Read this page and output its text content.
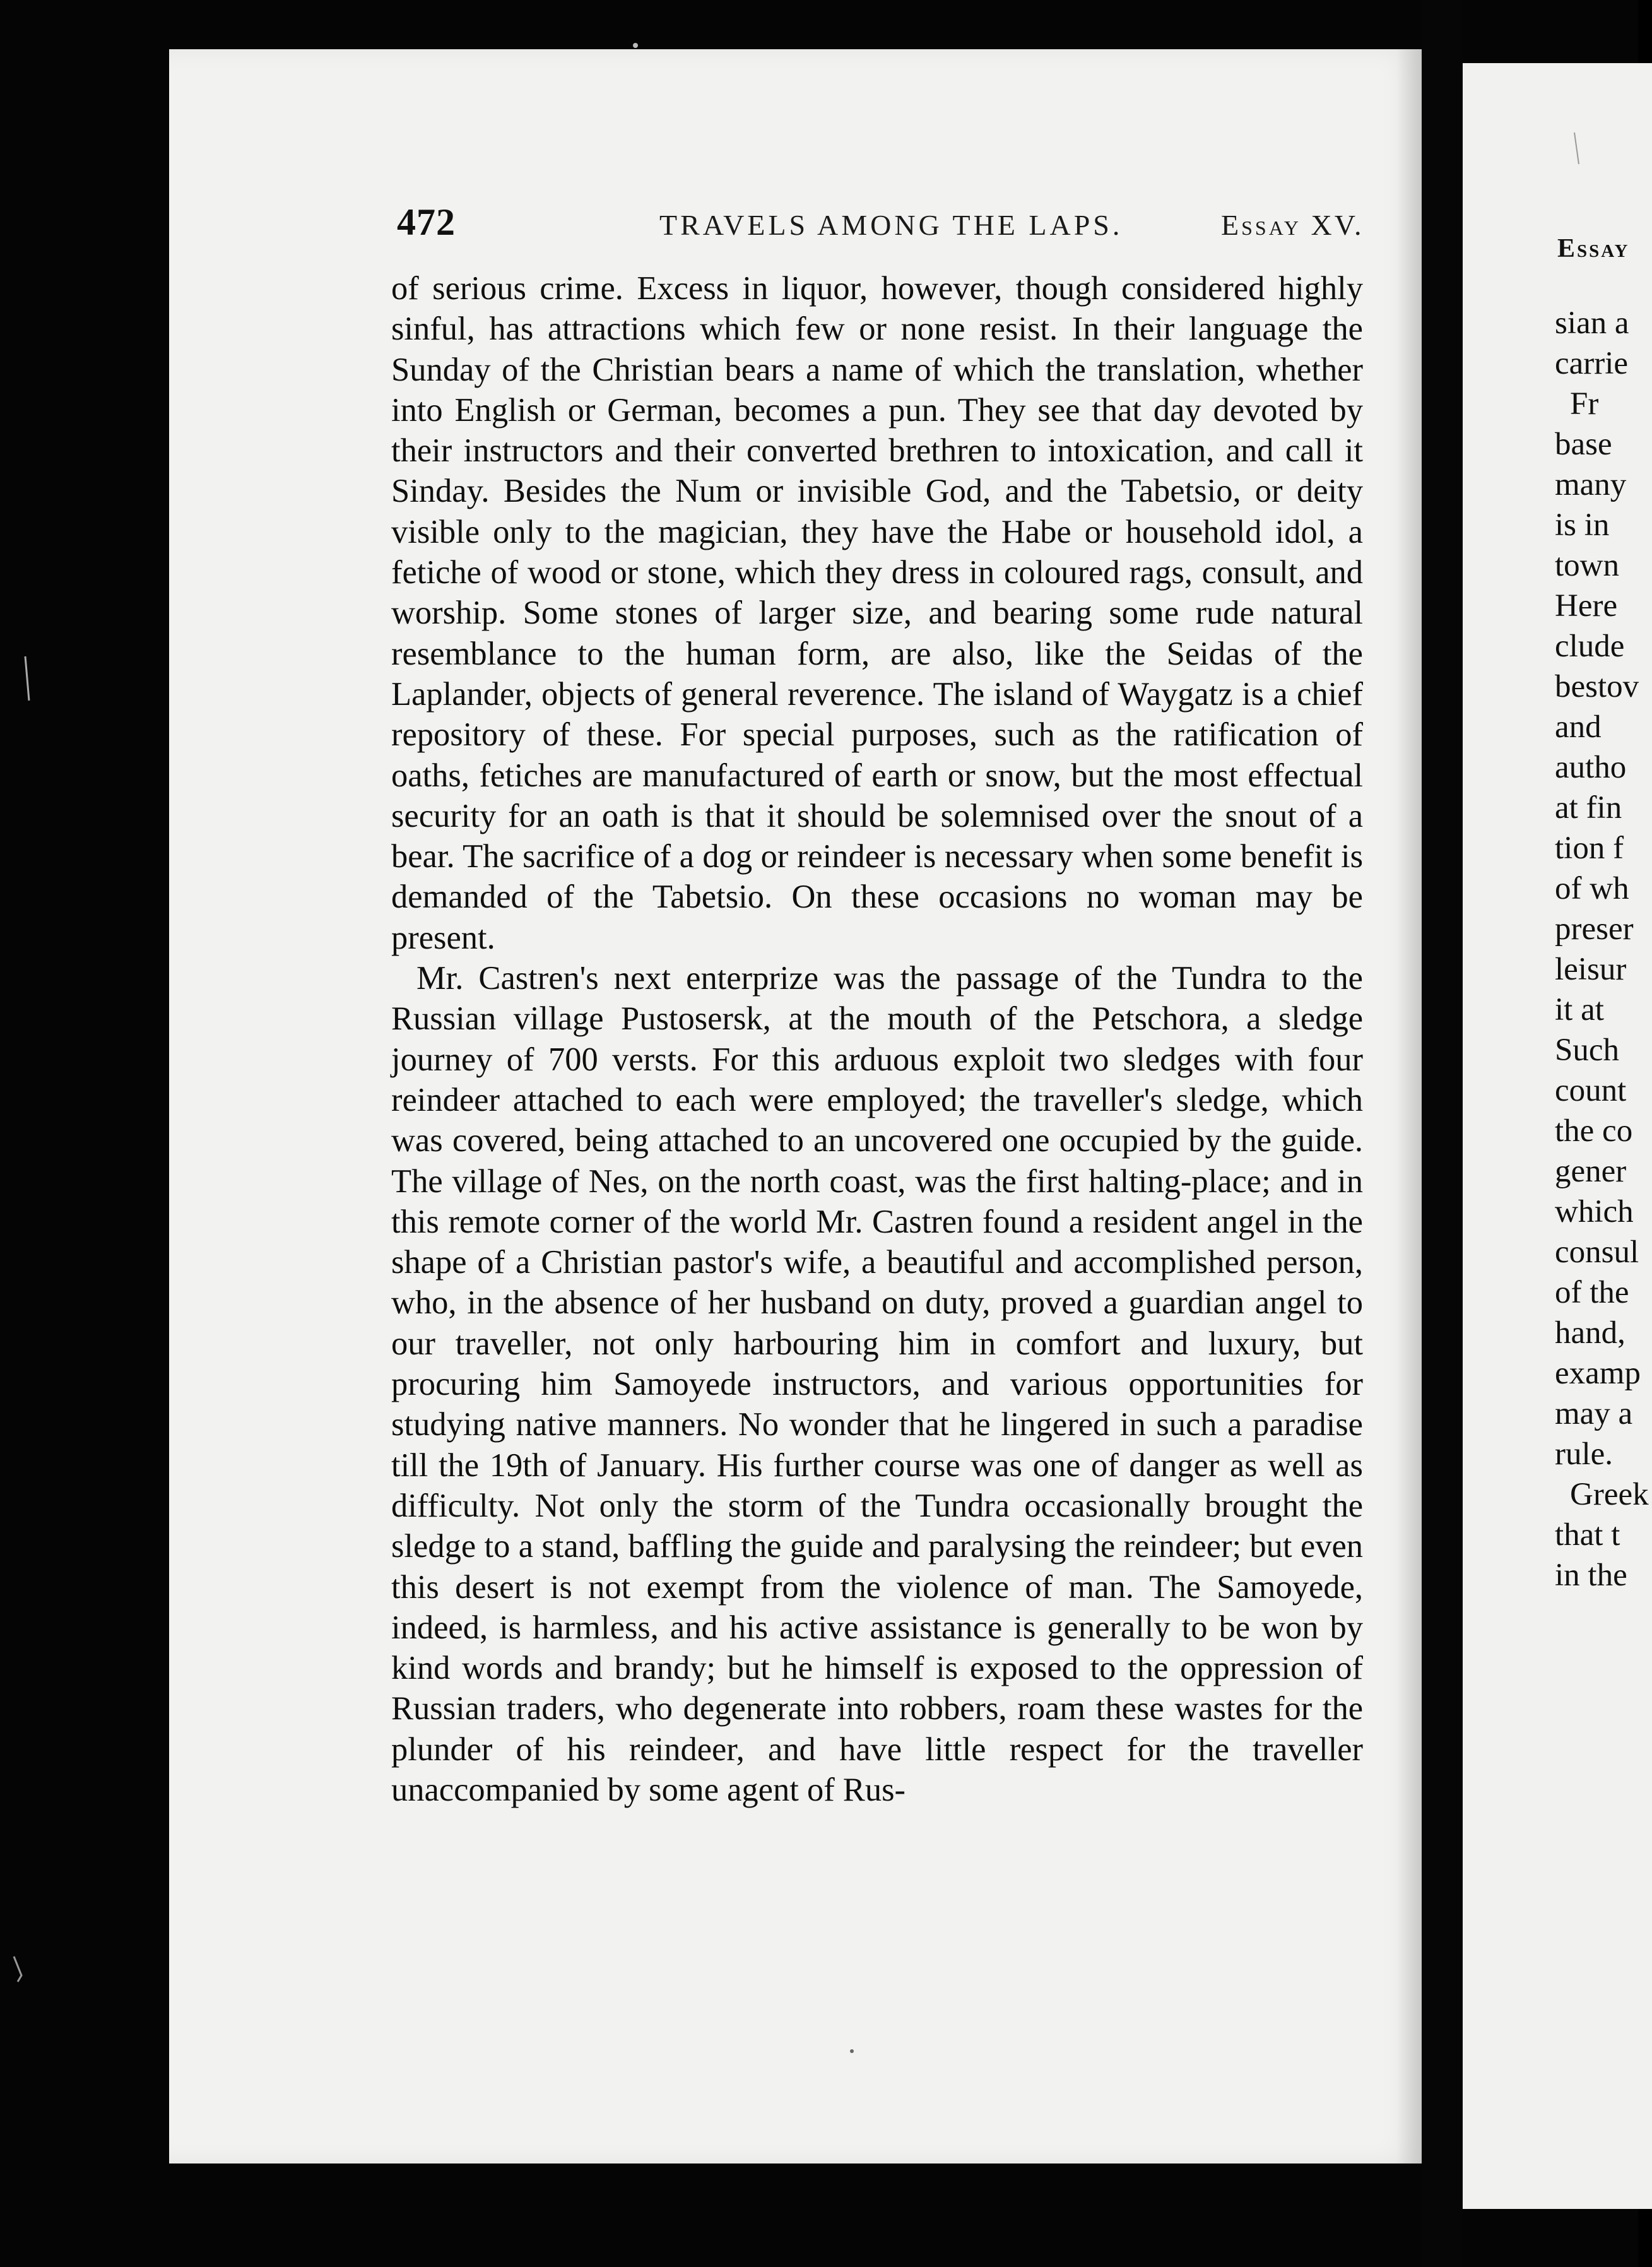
472	TRAVELS AMONG THE LAPS.	Essay XV.

of serious crime. Excess in liquor, however, though considered highly sinful, has attractions which few or none resist. In their language the Sunday of the Christian bears a name of which the translation, whether into English or German, becomes a pun. They see that day devoted by their instructors and their converted brethren to intoxication, and call it Sinday. Besides the Num or invisible God, and the Tabetsio, or deity visible only to the magician, they have the Habe or household idol, a fetiche of wood or stone, which they dress in coloured rags, consult, and worship. Some stones of larger size, and bearing some rude natural resemblance to the human form, are also, like the Seidas of the Laplander, objects of general reverence. The island of Waygatz is a chief repository of these. For special purposes, such as the ratification of oaths, fetiches are manufactured of earth or snow, but the most effectual security for an oath is that it should be solemnised over the snout of a bear. The sacrifice of a dog or reindeer is necessary when some benefit is demanded of the Tabetsio. On these occasions no woman may be present.

Mr. Castren's next enterprize was the passage of the Tundra to the Russian village Pustosersk, at the mouth of the Petschora, a sledge journey of 700 versts. For this arduous exploit two sledges with four reindeer attached to each were employed; the traveller's sledge, which was covered, being attached to an uncovered one occupied by the guide. The village of Nes, on the north coast, was the first halting-place; and in this remote corner of the world Mr. Castren found a resident angel in the shape of a Christian pastor's wife, a beautiful and accomplished person, who, in the absence of her husband on duty, proved a guardian angel to our traveller, not only harbouring him in comfort and luxury, but procuring him Samoyede instructors, and various opportunities for studying native manners. No wonder that he lingered in such a paradise till the 19th of January. His further course was one of danger as well as difficulty. Not only the storm of the Tundra occasionally brought the sledge to a stand, baffling the guide and paralysing the reindeer; but even this desert is not exempt from the violence of man. The Samoyede, indeed, is harmless, and his active assistance is generally to be won by kind words and brandy; but he himself is exposed to the oppression of Russian traders, who degenerate into robbers, roam these wastes for the plunder of his reindeer, and have little respect for the traveller unaccompanied by some agent of Rus-

Essay
sian a
carrie
Fr
base
many
is in
town
Here
clude
bestov
and
autho
at fin
tion f
of wh
preser
leisur
it at
Such
count
the co
gener
which
consul
of the
hand,
examp
may a
rule.
Greek
that t
in the
